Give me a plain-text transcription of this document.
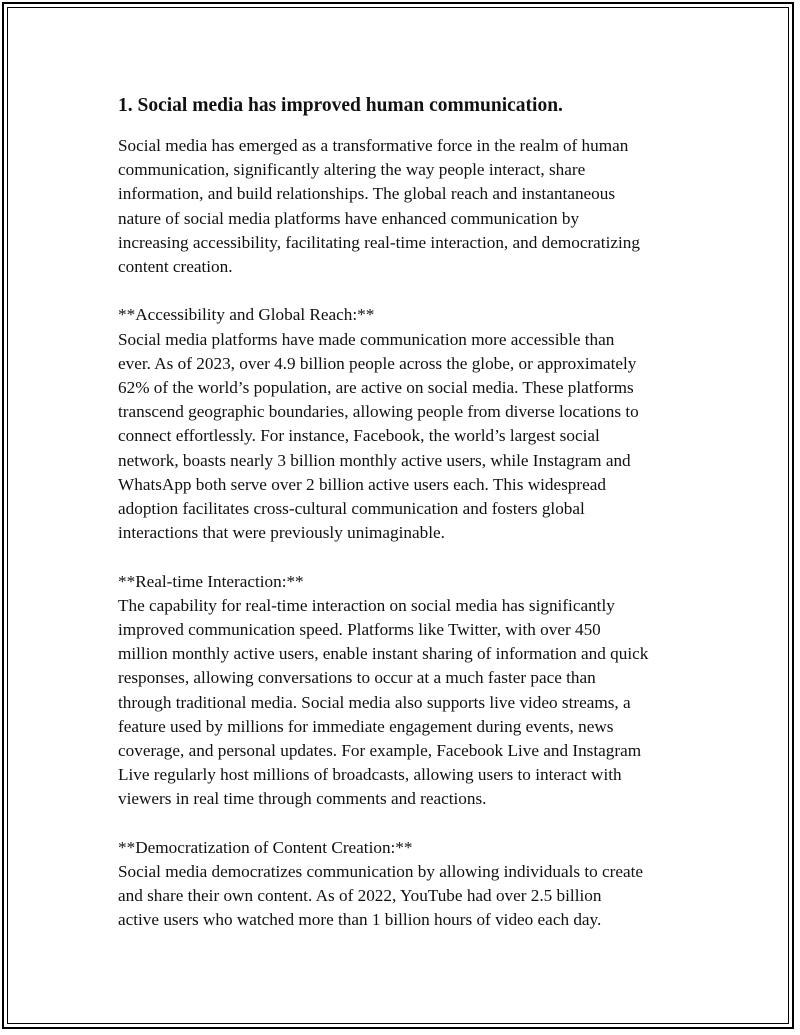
1. Social media has improved human communication.

Social media has emerged as a transformative force in the realm of human
communication, significantly altering the way people interact, share
information, and build relationships. The global reach and instantaneous
nature of social media platforms have enhanced communication by
increasing accessibility, facilitating real-time interaction, and democratizing
content creation.

**Accessibility and Global Reach:**
Social media platforms have made communication more accessible than
ever. As of 2023, over 4.9 billion people across the globe, or approximately
62% of the world’s population, are active on social media. These platforms
transcend geographic boundaries, allowing people from diverse locations to
connect effortlessly. For instance, Facebook, the world’s largest social
network, boasts nearly 3 billion monthly active users, while Instagram and
WhatsApp both serve over 2 billion active users each. This widespread
adoption facilitates cross-cultural communication and fosters global
interactions that were previously unimaginable.

**Real-time Interaction:**
The capability for real-time interaction on social media has significantly
improved communication speed. Platforms like Twitter, with over 450
million monthly active users, enable instant sharing of information and quick
responses, allowing conversations to occur at a much faster pace than
through traditional media. Social media also supports live video streams, a
feature used by millions for immediate engagement during events, news
coverage, and personal updates. For example, Facebook Live and Instagram
Live regularly host millions of broadcasts, allowing users to interact with
viewers in real time through comments and reactions.

**Democratization of Content Creation:**
Social media democratizes communication by allowing individuals to create
and share their own content. As of 2022, YouTube had over 2.5 billion
active users who watched more than 1 billion hours of video each day.
